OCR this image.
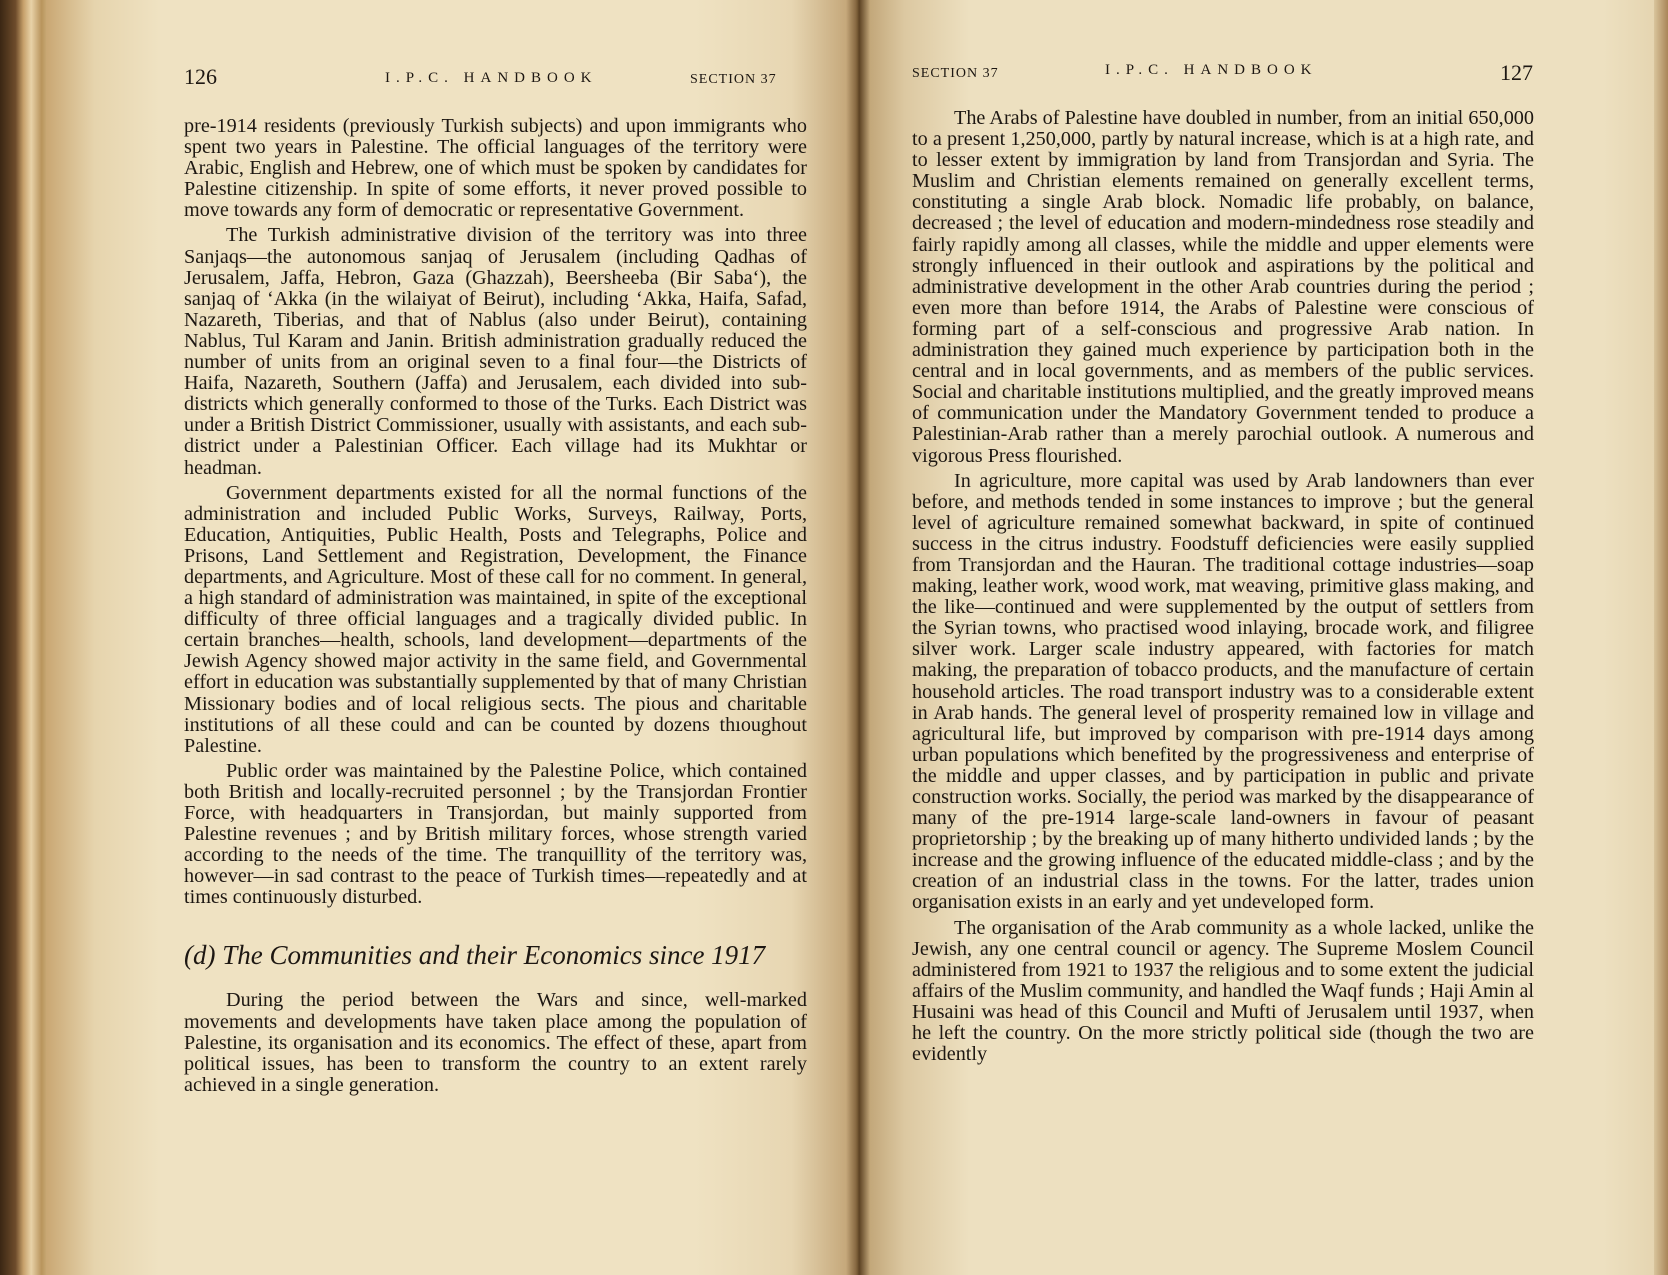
126	I.P.C. HANDBOOK	SECTION 37	SECTION 37	I.P.C. HANDBOOK	127

pre-1914 residents (previously Turkish subjects) and upon immigrants who spent two years in Palestine. The official languages of the territory were Arabic, English and Hebrew, one of which must be spoken by candidates for Palestine citizenship. In spite of some efforts, it never proved possible to move towards any form of democratic or representative Government.

The Turkish administrative division of the territory was into three Sanjaqs—the autonomous sanjaq of Jerusalem (including Qadhas of Jerusalem, Jaffa, Hebron, Gaza (Ghazzah), Beersheeba (Bir Saba‘), the sanjaq of ‘Akka (in the wilaiyat of Beirut), including ‘Akka, Haifa, Safad, Nazareth, Tiberias, and that of Nablus (also under Beirut), containing Nablus, Tul Karam and Janin. British administration gradually reduced the number of units from an original seven to a final four—the Districts of Haifa, Nazareth, Southern (Jaffa) and Jerusalem, each divided into sub-districts which generally conformed to those of the Turks. Each District was under a British District Commissioner, usually with assistants, and each sub-district under a Palestinian Officer. Each village had its Mukhtar or headman.

Government departments existed for all the normal functions of the administration and included Public Works, Surveys, Railway, Ports, Education, Antiquities, Public Health, Posts and Telegraphs, Police and Prisons, Land Settlement and Registration, Development, the Finance departments, and Agriculture. Most of these call for no comment. In general, a high standard of administration was maintained, in spite of the exceptional difficulty of three official languages and a tragically divided public. In certain branches—health, schools, land development—departments of the Jewish Agency showed major activity in the same field, and Governmental effort in education was substantially supplemented by that of many Christian Missionary bodies and of local religious sects. The pious and charitable institutions of all these could and can be counted by dozens thıoughout Palestine.

Public order was maintained by the Palestine Police, which contained both British and locally-recruited personnel ; by the Transjordan Frontier Force, with headquarters in Transjordan, but mainly supported from Palestine revenues ; and by British military forces, whose strength varied according to the needs of the time. The tranquillity of the territory was, however—in sad contrast to the peace of Turkish times—repeatedly and at times continuously disturbed.

(d) The Communities and their Economics since 1917

During the period between the Wars and since, well-marked movements and developments have taken place among the population of Palestine, its organisation and its economics. The effect of these, apart from political issues, has been to transform the country to an extent rarely achieved in a single generation.

The Arabs of Palestine have doubled in number, from an initial 650,000 to a present 1,250,000, partly by natural increase, which is at a high rate, and to lesser extent by immigration by land from Transjordan and Syria. The Muslim and Christian elements remained on generally excellent terms, constituting a single Arab block. Nomadic life probably, on balance, decreased ; the level of education and modern-mindedness rose steadily and fairly rapidly among all classes, while the middle and upper elements were strongly influenced in their outlook and aspirations by the political and administrative development in the other Arab countries during the period ; even more than before 1914, the Arabs of Palestine were conscious of forming part of a self-conscious and progressive Arab nation. In administration they gained much experience by participation both in the central and in local governments, and as members of the public services. Social and charitable institutions multiplied, and the greatly improved means of communication under the Mandatory Government tended to produce a Palestinian-Arab rather than a merely parochial outlook. A numerous and vigorous Press flourished.

In agriculture, more capital was used by Arab landowners than ever before, and methods tended in some instances to improve ; but the general level of agriculture remained somewhat backward, in spite of continued success in the citrus industry. Foodstuff deficiencies were easily supplied from Transjordan and the Hauran. The traditional cottage industries—soap making, leather work, wood work, mat weaving, primitive glass making, and the like—continued and were supplemented by the output of settlers from the Syrian towns, who practised wood inlaying, brocade work, and filigree silver work. Larger scale industry appeared, with factories for match making, the preparation of tobacco products, and the manufacture of certain household articles. The road transport industry was to a considerable extent in Arab hands. The general level of prosperity remained low in village and agricultural life, but improved by comparison with pre-1914 days among urban populations which benefited by the progressiveness and enterprise of the middle and upper classes, and by participation in public and private construction works. Socially, the period was marked by the disappearance of many of the pre-1914 large-scale land-owners in favour of peasant proprietorship ; by the breaking up of many hitherto undivided lands ; by the increase and the growing influence of the educated middle-class ; and by the creation of an industrial class in the towns. For the latter, trades union organisation exists in an early and yet undeveloped form.

The organisation of the Arab community as a whole lacked, unlike the Jewish, any one central council or agency. The Supreme Moslem Council administered from 1921 to 1937 the religious and to some extent the judicial affairs of the Muslim community, and handled the Waqf funds ; Haji Amin al Husaini was head of this Council and Mufti of Jerusalem until 1937, when he left the country. On the more strictly political side (though the two are evidently
